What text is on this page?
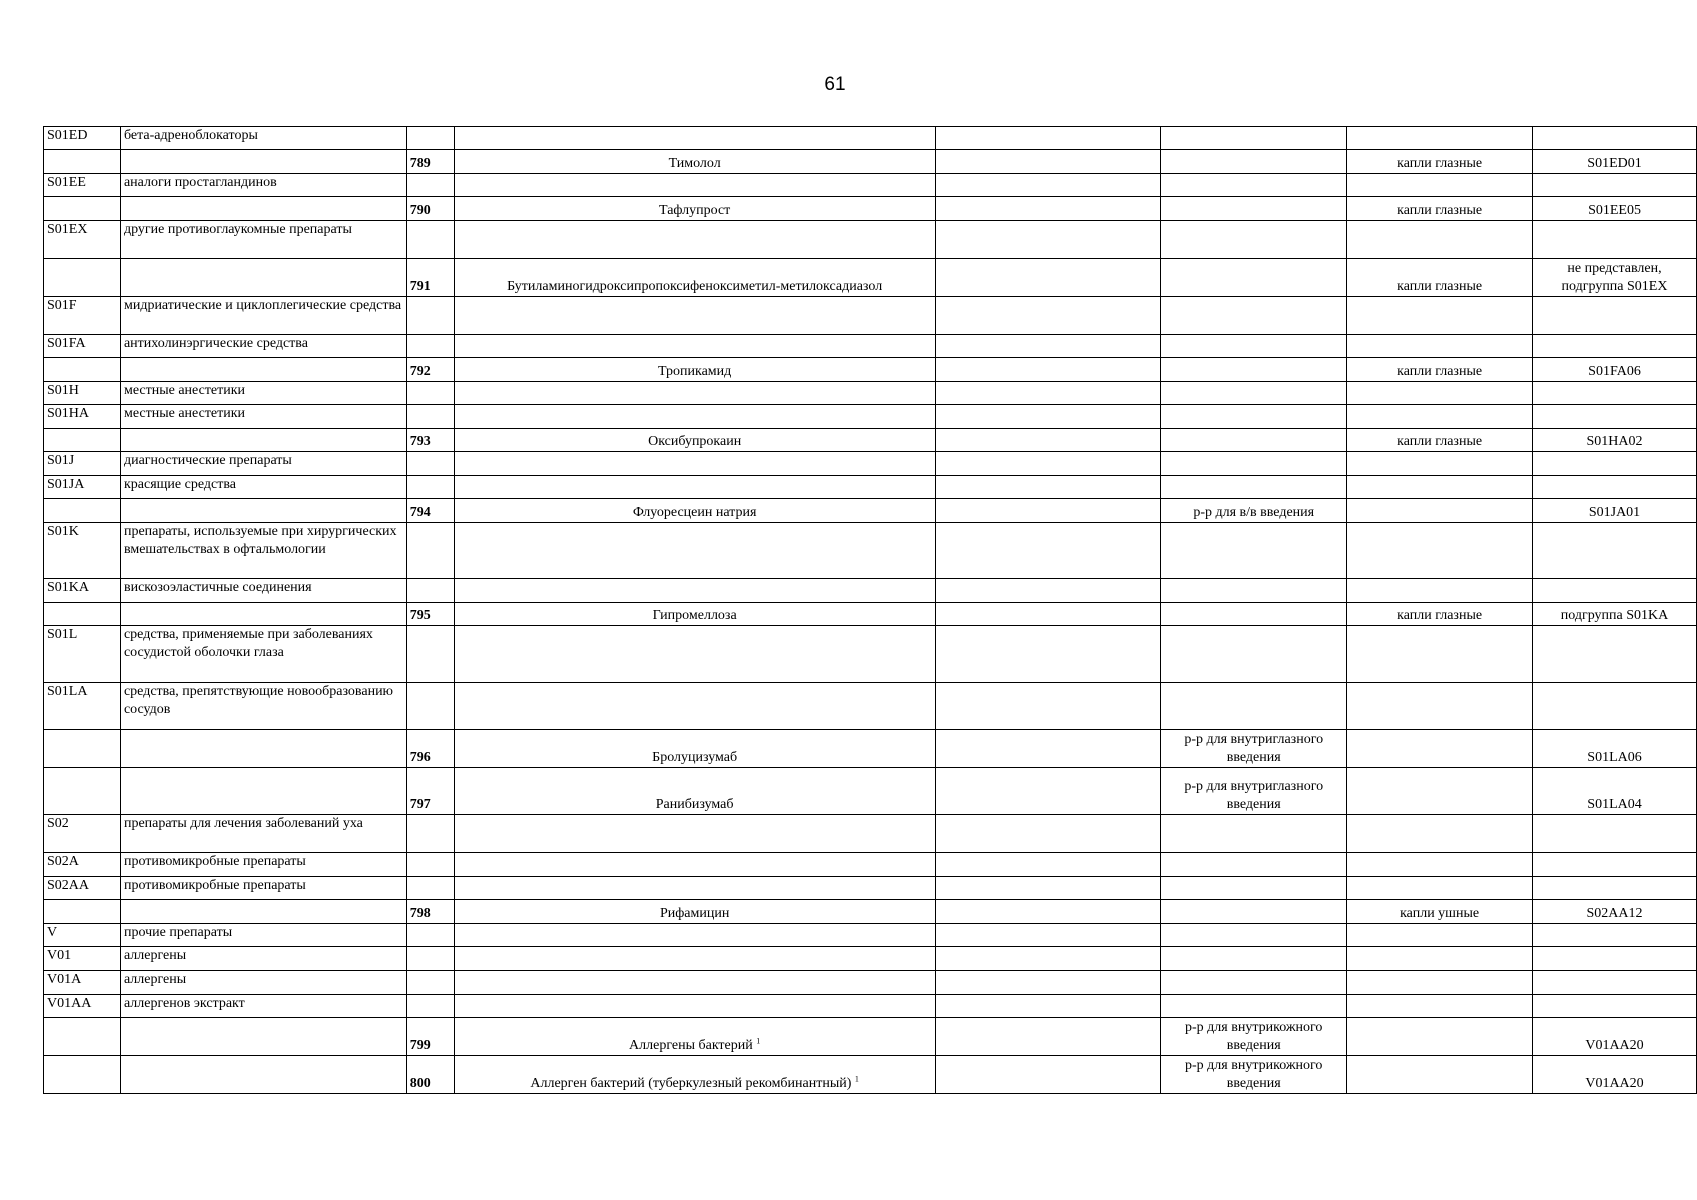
61
S01ED	бета-адреноблокаторы						
		789	Тимолол			капли глазные	S01ED01
S01EE	аналоги простагландинов						
		790	Тафлупрост			капли глазные	S01EE05
S01EX	другие противоглаукомные препараты						
		791	Бутиламиногидроксипропоксифеноксиметил-метилоксадиазол			капли глазные	не представлен, подгруппа S01EX
S01F	мидриатические и циклоплегические средства						
S01FA	антихолинэргические средства						
		792	Тропикамид			капли глазные	S01FA06
S01H	местные анестетики						
S01HA	местные анестетики						
		793	Оксибупрокаин			капли глазные	S01HA02
S01J	диагностические препараты						
S01JA	красящие средства						
		794	Флуоресцеин натрия		р-р для в/в введения		S01JA01
S01K	препараты, используемые при хирургических вмешательствах в офтальмологии						
S01KA	вискозоэластичные соединения						
		795	Гипромеллоза			капли глазные	подгруппа S01KA
S01L	средства, применяемые при заболеваниях сосудистой оболочки глаза						
S01LA	средства, препятствующие новообразованию сосудов						
		796	Бролуцизумаб		р-р для внутриглазного введения		S01LA06
		797	Ранибизумаб		р-р для внутриглазного введения		S01LA04
S02	препараты для лечения заболеваний уха						
S02A	противомикробные препараты						
S02AA	противомикробные препараты						
		798	Рифамицин			капли ушные	S02AA12
V	прочие препараты						
V01	аллергены						
V01A	аллергены						
V01AA	аллергенов экстракт						
		799	Аллергены бактерий $^1$		р-р для внутрикожного введения		V01AA20
		800	Аллерген бактерий (туберкулезный рекомбинантный) $^1$		р-р для внутрикожного введения		V01AA20
